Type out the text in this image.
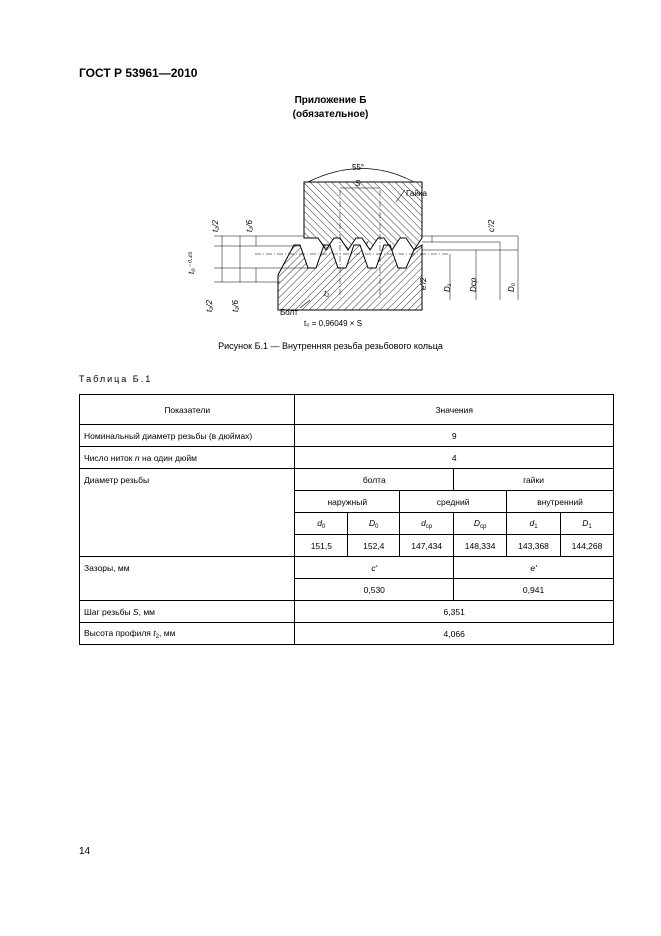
ГОСТ Р 53961—2010
Приложение Б
(обязательное)
55°
S
Гайка
Болт
t₂/2	t₂/6
t₀⁻⁰·⁴⁵
t₂/2 t₂/6
c′/2
e′/2 D₁ Dср	D₀
t₂
r
t₀ = 0,96049 × S
Рисунок Б.1 — Внутренняя резьба резьбового кольца
Таблица Б.1
Показатели	Значения					
Номинальный диаметр резьбы (в дюймах)	9					
Число ниток n на один дюйм	4					
Диаметр резьбы	болта			гайки		
	наружный		средний		внутренний	
	$d_0$	$D_0$	$d_{ср}$	$D_{ср}$	$d_1$	$D_1$
	151,5	152,4	147,434	148,334	143,368	144,268
Зазоры, мм	c′			e′		
	0,530			0,941		
Шаг резьбы S, мм	6,351					
Высота профиля $t_2$, мм	4,066					
14
